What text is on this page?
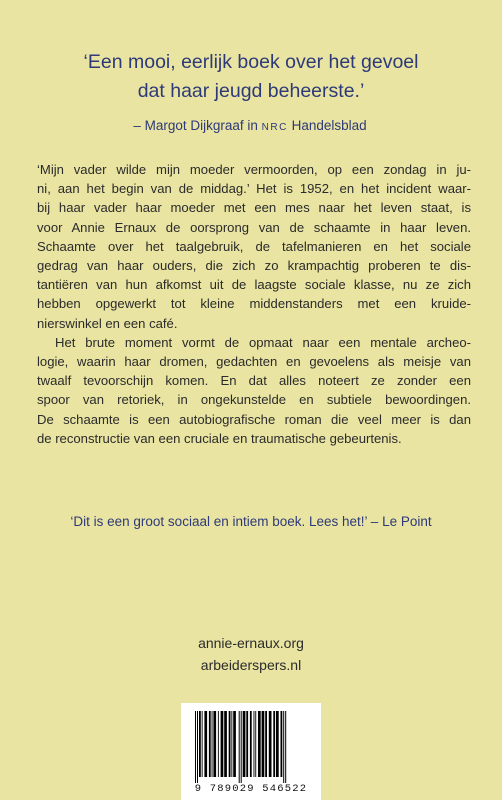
‘Een mooi, eerlijk boek over het gevoel
dat haar jeugd beheerste.’
– Margot Dijkgraaf in NRC Handelsblad

‘Mijn vader wilde mijn moeder vermoorden, op een zondag in ju-
ni, aan het begin van de middag.’ Het is 1952, en het incident waar-
bij haar vader haar moeder met een mes naar het leven staat, is
voor Annie Ernaux de oorsprong van de schaamte in haar leven.
Schaamte over het taalgebruik, de tafelmanieren en het sociale
gedrag van haar ouders, die zich zo krampachtig proberen te dis-
tantiëren van hun afkomst uit de laagste sociale klasse, nu ze zich
hebben opgewerkt tot kleine middenstanders met een kruide-
nierswinkel en een café.

Het brute moment vormt de opmaat naar een mentale archeo-
logie, waarin haar dromen, gedachten en gevoelens als meisje van
twaalf tevoorschijn komen. En dat alles noteert ze zonder een
spoor van retoriek, in ongekunstelde en subtiele bewoordingen.
De schaamte is een autobiografische roman die veel meer is dan
de reconstructie van een cruciale en traumatische gebeurtenis.

‘Dit is een groot sociaal en intiem boek. Lees het!’ – Le Point
annie-ernaux.org
arbeiderspers.nl
9 789029 546522
